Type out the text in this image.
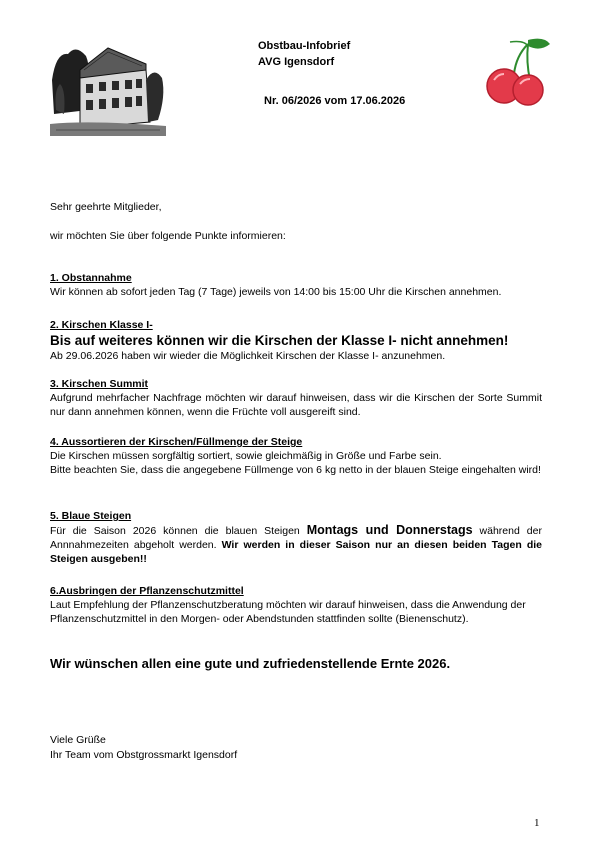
Obstbau-Infobrief
AVG Igensdorf
Nr. 06/2026 vom 17.06.2026
Sehr geehrte Mitglieder,
wir möchten Sie über folgende Punkte informieren:
1. Obstannahme
Wir können ab sofort jeden Tag (7 Tage) jeweils von 14:00 bis 15:00 Uhr die Kirschen annehmen.
2. Kirschen Klasse I-
Bis auf weiteres können wir die Kirschen der Klasse I- nicht annehmen!
Ab 29.06.2026 haben wir wieder die Möglichkeit Kirschen der Klasse I- anzunehmen.
3. Kirschen Summit
Aufgrund mehrfacher Nachfrage möchten wir darauf hinweisen, dass wir die Kirschen der Sorte Summit nur dann annehmen können, wenn die Früchte voll ausgereift sind.
4. Aussortieren der Kirschen/Füllmenge der Steige
Die Kirschen müssen sorgfältig sortiert, sowie gleichmäßig in Größe und Farbe sein.
Bitte beachten Sie, dass die angegebene Füllmenge von 6 kg netto in der blauen Steige eingehalten wird!
5. Blaue Steigen
Für die Saison 2026 können die blauen Steigen Montags und Donnerstags während der Annnahmezeiten abgeholt werden. Wir werden in dieser Saison nur an diesen beiden Tagen die Steigen ausgeben!!
6.Ausbringen der Pflanzenschutzmittel
Laut Empfehlung der Pflanzenschutzberatung möchten wir darauf hinweisen, dass die Anwendung der Pflanzenschutzmittel in den Morgen- oder Abendstunden stattfinden sollte (Bienenschutz).
Wir wünschen allen eine gute und zufriedenstellende Ernte 2026.
Viele Grüße
Ihr Team vom Obstgrossmarkt Igensdorf
1
